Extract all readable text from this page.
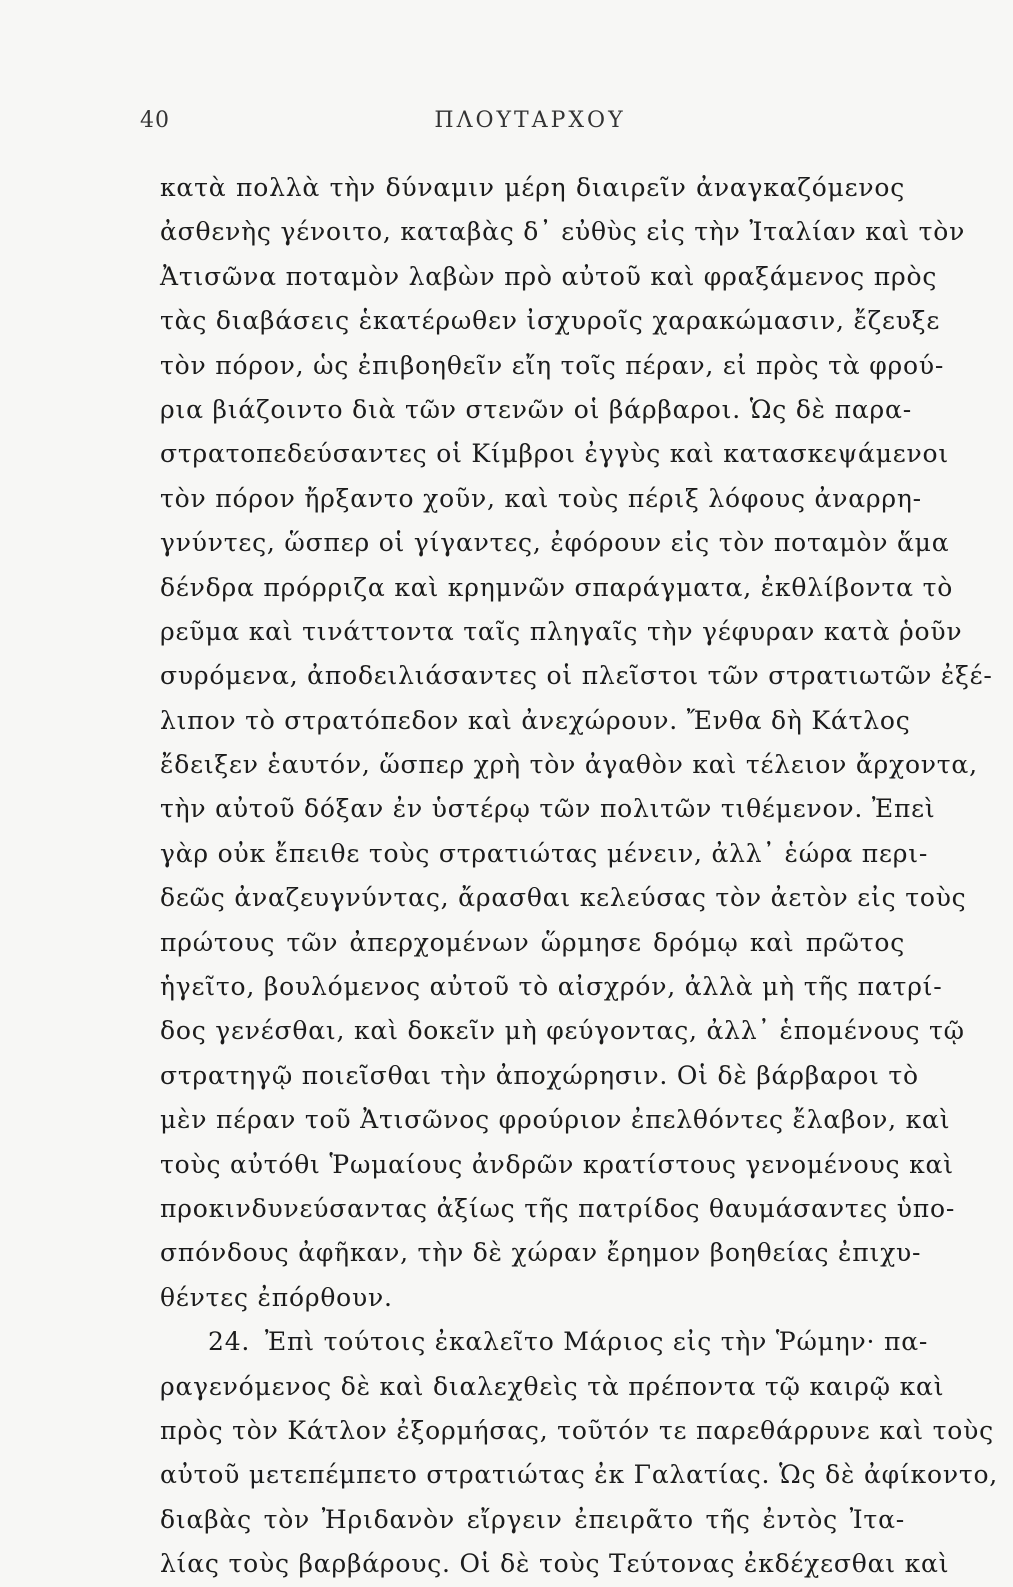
40	ΠΛΟΥΤΑΡΧΟΥ
κατὰ πολλὰ τὴν δύναμιν μέρη διαιρεῖν ἀναγκαζόμενος
ἀσθενὴς γένοιτο, καταβὰς δ᾽ εὐθὺς εἰς τὴν Ἰταλίαν καὶ τὸν
Ἀτισῶνα ποταμὸν λαβὼν πρὸ αὐτοῦ καὶ φραξάμενος πρὸς
τὰς διαβάσεις ἑκατέρωθεν ἰσχυροῖς χαρακώμασιν, ἔζευξε
τὸν πόρον, ὡς ἐπιβοηθεῖν εἴη τοῖς πέραν, εἰ πρὸς τὰ φρού-
ρια βιάζοιντο διὰ τῶν στενῶν οἱ βάρβαροι. Ὡς δὲ παρα-
στρατοπεδεύσαντες οἱ Κίμβροι ἐγγὺς καὶ κατασκεψάμενοι
τὸν πόρον ἤρξαντο χοῦν, καὶ τοὺς πέριξ λόφους ἀναρρη-
γνύντες, ὥσπερ οἱ γίγαντες, ἐφόρουν εἰς τὸν ποταμὸν ἅμα
δένδρα πρόρριζα καὶ κρημνῶν σπαράγματα, ἐκθλίβοντα τὸ
ρεῦμα καὶ τινάττοντα ταῖς πληγαῖς τὴν γέφυραν κατὰ ῥοῦν
συρόμενα, ἀποδειλιάσαντες οἱ πλεῖστοι τῶν στρατιωτῶν ἐξέ-
λιπον τὸ στρατόπεδον καὶ ἀνεχώρουν. Ἔνθα δὴ Κάτλος
ἔδειξεν ἑαυτόν, ὥσπερ χρὴ τὸν ἀγαθὸν καὶ τέλειον ἄρχοντα,
τὴν αὐτοῦ δόξαν ἐν ὑστέρῳ τῶν πολιτῶν τιθέμενον. Ἐπεὶ
γὰρ οὐκ ἔπειθε τοὺς στρατιώτας μένειν, ἀλλ᾽ ἑώρα περι-
δεῶς ἀναζευγνύντας, ἄρασθαι κελεύσας τὸν ἀετὸν εἰς τοὺς
πρώτους τῶν ἀπερχομένων ὥρμησε δρόμῳ καὶ πρῶτος
ἡγεῖτο, βουλόμενος αὐτοῦ τὸ αἰσχρόν, ἀλλὰ μὴ τῆς πατρί-
δος γενέσθαι, καὶ δοκεῖν μὴ φεύγοντας, ἀλλ᾽ ἑπομένους τῷ
στρατηγῷ ποιεῖσθαι τὴν ἀποχώρησιν. Οἱ δὲ βάρβαροι τὸ
μὲν πέραν τοῦ Ἀτισῶνος φρούριον ἐπελθόντες ἔλαβον, καὶ
τοὺς αὐτόθι Ῥωμαίους ἀνδρῶν κρατίστους γενομένους καὶ
προκινδυνεύσαντας ἀξίως τῆς πατρίδος θαυμάσαντες ὑπο-
σπόνδους ἀφῆκαν, τὴν δὲ χώραν ἔρημον βοηθείας ἐπιχυ-
θέντες ἐπόρθουν.
24. Ἐπὶ τούτοις ἐκαλεῖτο Μάριος εἰς τὴν Ῥώμην· πα-
ραγενόμενος δὲ καὶ διαλεχθεὶς τὰ πρέποντα τῷ καιρῷ καὶ
πρὸς τὸν Κάτλον ἐξορμήσας, τοῦτόν τε παρεθάρρυνε καὶ τοὺς
αὐτοῦ μετεπέμπετο στρατιώτας ἐκ Γαλατίας. Ὡς δὲ ἀφίκοντο,
διαβὰς τὸν Ἠριδανὸν εἴργειν ἐπειρᾶτο τῆς ἐντὸς Ἰτα-
λίας τοὺς βαρβάρους. Οἱ δὲ τοὺς Τεύτονας ἐκδέχεσθαι καὶ
